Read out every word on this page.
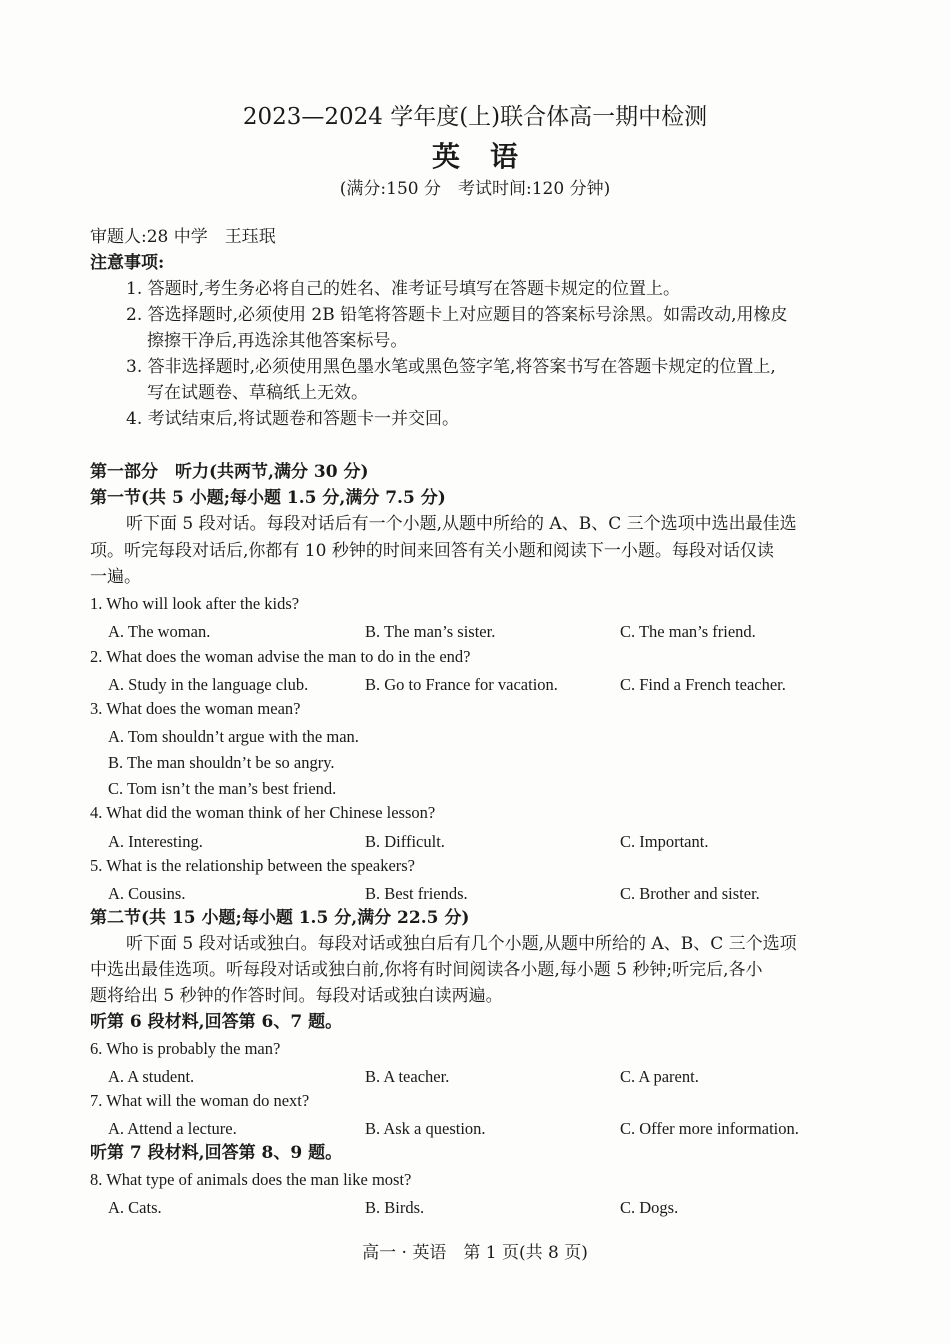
2023—2024 学年度(上)联合体高一期中检测
英语
(满分:150 分　考试时间:120 分钟)
审题人:28 中学　王珏珉
注意事项:
1. 答题时,考生务必将自己的姓名、准考证号填写在答题卡规定的位置上。
2. 答选择题时,必须使用 2B 铅笔将答题卡上对应题目的答案标号涂黑。如需改动,用橡皮
擦擦干净后,再选涂其他答案标号。
3. 答非选择题时,必须使用黑色墨水笔或黑色签字笔,将答案书写在答题卡规定的位置上,
写在试题卷、草稿纸上无效。
4. 考试结束后,将试题卷和答题卡一并交回。
第一部分　听力(共两节,满分 30 分)
第一节(共 5 小题;每小题 1.5 分,满分 7.5 分)
听下面 5 段对话。每段对话后有一个小题,从题中所给的 A、B、C 三个选项中选出最佳选
项。听完每段对话后,你都有 10 秒钟的时间来回答有关小题和阅读下一小题。每段对话仅读
一遍。
1. Who will look after the kids?
A. The woman.	B. The man’s sister.	C. The man’s friend.
2. What does the woman advise the man to do in the end?
A. Study in the language club.	B. Go to France for vacation.	C. Find a French teacher.
3. What does the woman mean?
A. Tom shouldn’t argue with the man.
B. The man shouldn’t be so angry.
C. Tom isn’t the man’s best friend.
4. What did the woman think of her Chinese lesson?
A. Interesting.	B. Difficult.	C. Important.
5. What is the relationship between the speakers?
A. Cousins.	B. Best friends.	C. Brother and sister.
第二节(共 15 小题;每小题 1.5 分,满分 22.5 分)
听下面 5 段对话或独白。每段对话或独白后有几个小题,从题中所给的 A、B、C 三个选项
中选出最佳选项。听每段对话或独白前,你将有时间阅读各小题,每小题 5 秒钟;听完后,各小
题将给出 5 秒钟的作答时间。每段对话或独白读两遍。
听第 6 段材料,回答第 6、7 题。
6. Who is probably the man?
A. A student.	B. A teacher.	C. A parent.
7. What will the woman do next?
A. Attend a lecture.	B. Ask a question.	C. Offer more information.
听第 7 段材料,回答第 8、9 题。
8. What type of animals does the man like most?
A. Cats.	B. Birds.	C. Dogs.
高一 · 英语　第 1 页(共 8 页)
